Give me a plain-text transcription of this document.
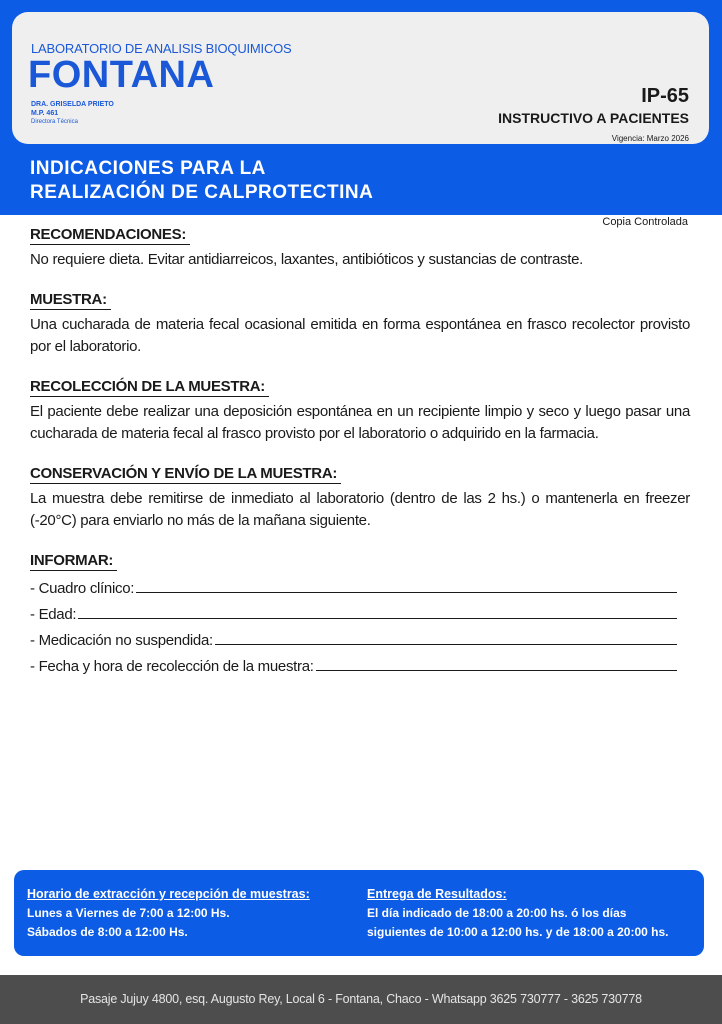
LABORATORIO DE ANALISIS BIOQUIMICOS
FONTANA
DRA. GRISELDA PRIETO
M.P. 461
Directora Técnica
IP-65
INSTRUCTIVO A PACIENTES
Vigencia: Marzo 2026
INDICACIONES PARA LA
REALIZACIÓN DE CALPROTECTINA
Copia Controlada
RECOMENDACIONES:
No requiere dieta. Evitar antidiarreicos, laxantes, antibióticos y sustancias de contraste.
MUESTRA:
Una cucharada de materia fecal ocasional emitida en forma espontánea en frasco recolector provisto por el laboratorio.
RECOLECCIÓN DE LA MUESTRA:
El paciente debe realizar una deposición espontánea en un recipiente limpio y seco y luego pasar una cucharada de materia fecal al frasco provisto por el laboratorio o adquirido en la farmacia.
CONSERVACIÓN Y ENVÍO DE LA MUESTRA:
La muestra debe remitirse de inmediato al laboratorio (dentro de las 2 hs.) o mantenerla en freezer (-20°C) para enviarlo no más de la mañana siguiente.
INFORMAR:
- Cuadro clínico:
- Edad:
- Medicación no suspendida:
- Fecha y hora de recolección de la muestra:
Horario de extracción y recepción de muestras:
Lunes a Viernes de 7:00 a 12:00 Hs.
Sábados de 8:00 a 12:00 Hs.
Entrega de Resultados:
El día indicado de 18:00 a 20:00 hs. ó los días
siguientes de 10:00 a 12:00 hs. y de 18:00 a 20:00 hs.
Pasaje Jujuy 4800, esq. Augusto Rey, Local 6 - Fontana, Chaco - Whatsapp 3625 730777 - 3625 730778
